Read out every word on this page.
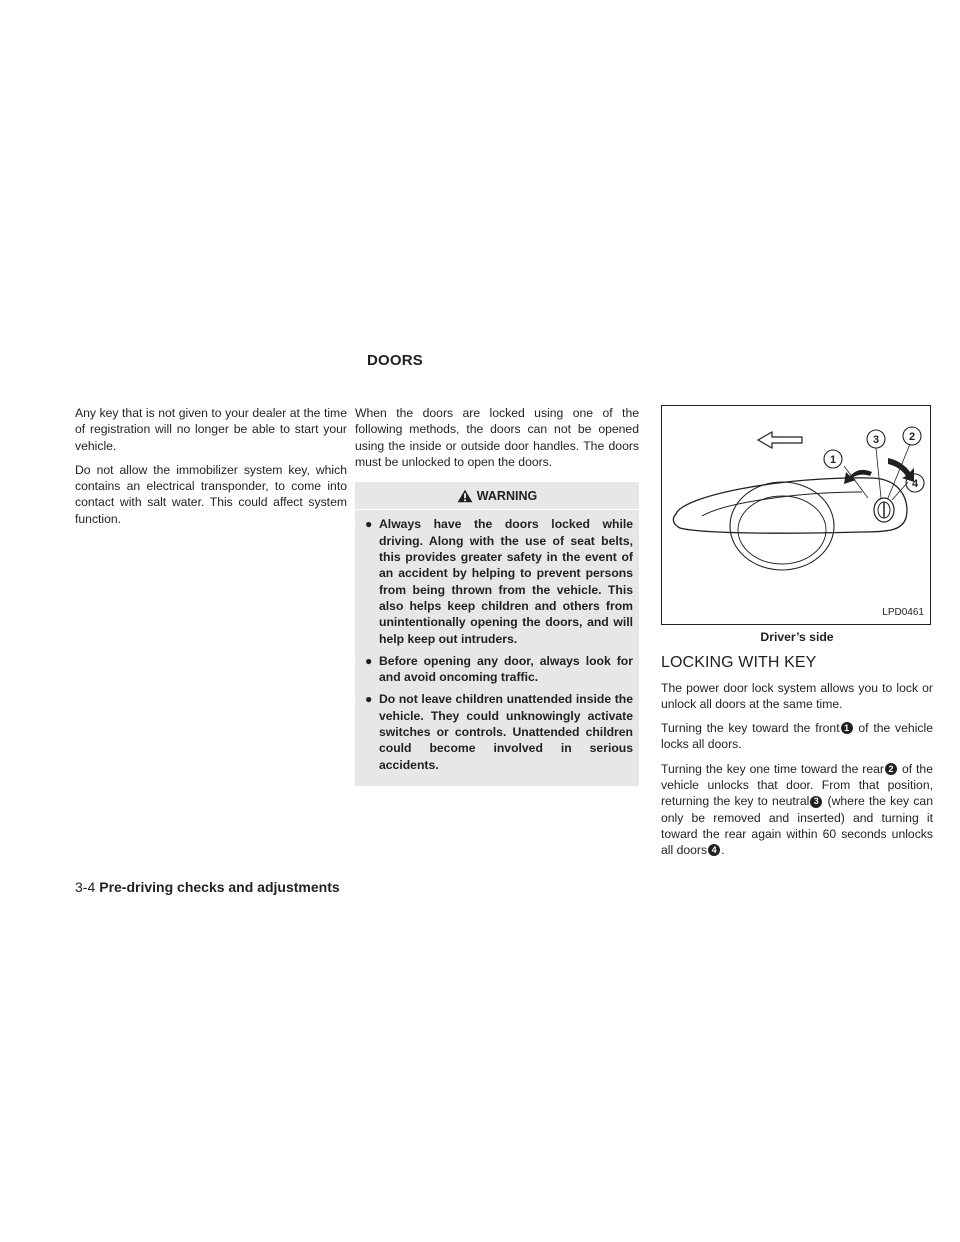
DOORS

Any key that is not given to your dealer at the time of registration will no longer be able to start your vehicle.

Do not allow the immobilizer system key, which contains an electrical transponder, to come into contact with salt water. This could affect system function.

When the doors are locked using one of the following methods, the doors can not be opened using the inside or outside door handles. The doors must be unlocked to open the doors.

WARNING
● Always have the doors locked while driving. Along with the use of seat belts, this provides greater safety in the event of an accident by helping to prevent persons from being thrown from the vehicle. This also helps keep children and others from unintentionally opening the doors, and will help keep out intruders.
● Before opening any door, always look for and avoid oncoming traffic.
● Do not leave children unattended inside the vehicle. They could unknowingly activate switches or controls. Unattended children could become involved in serious accidents.
1
2
3
4
LPD0461
Driver’s side
LOCKING WITH KEY

The power door lock system allows you to lock or unlock all doors at the same time.

Turning the key toward the front 1 of the vehicle locks all doors.

Turning the key one time toward the rear 2 of the vehicle unlocks that door. From that position, returning the key to neutral 3 (where the key can only be removed and inserted) and turning it toward the rear again within 60 seconds unlocks all doors 4 .

3-4 Pre-driving checks and adjustments
